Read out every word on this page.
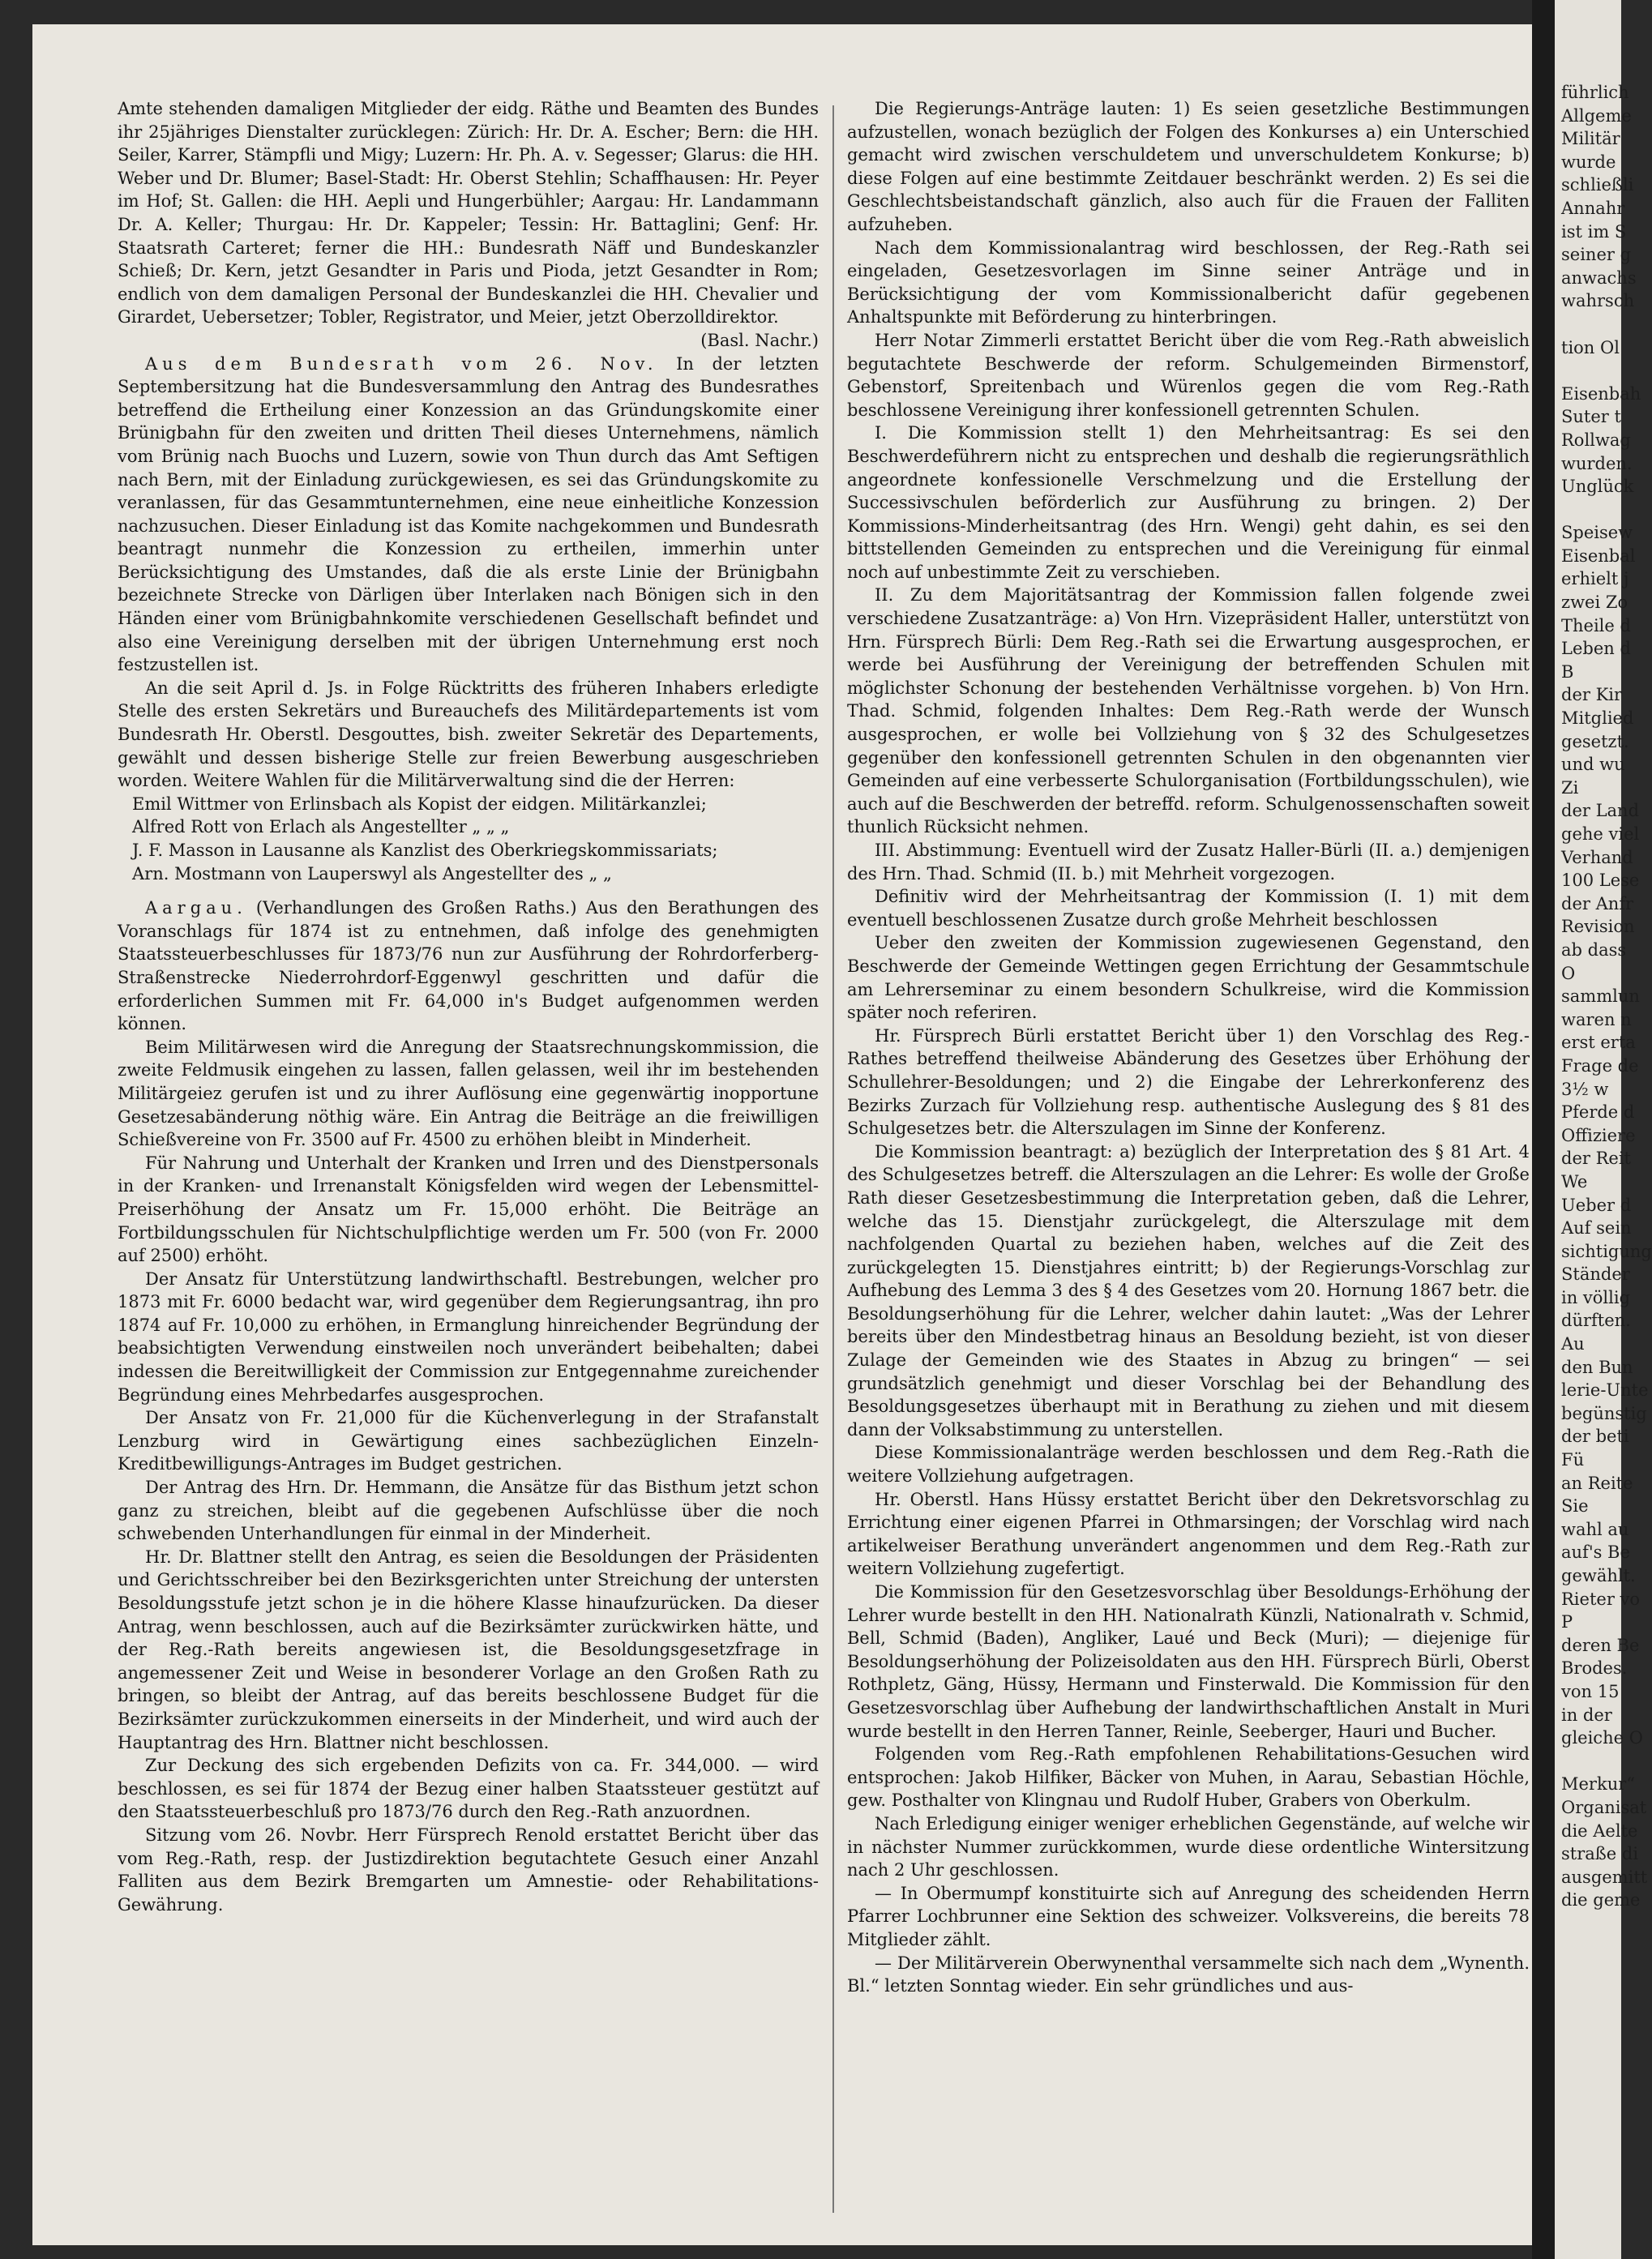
Amte stehenden damaligen Mitglieder der eidg. Räthe und Beamten des Bundes ihr 25jähriges Dienstalter zurücklegen: Zürich: Hr. Dr. A. Escher; Bern: die HH. Seiler, Karrer, Stämpfli und Migy; Luzern: Hr. Ph. A. v. Segesser; Glarus: die HH. Weber und Dr. Blumer; Basel-Stadt: Hr. Oberst Stehlin; Schaffhausen: Hr. Peyer im Hof; St. Gallen: die HH. Aepli und Hungerbühler; Aargau: Hr. Landammann Dr. A. Keller; Thurgau: Hr. Dr. Kappeler; Tessin: Hr. Battaglini; Genf: Hr. Staatsrath Carteret; ferner die HH.: Bundesrath Näff und Bundeskanzler Schieß; Dr. Kern, jetzt Gesandter in Paris und Pioda, jetzt Gesandter in Rom; endlich von dem damaligen Personal der Bundeskanzlei die HH. Chevalier und Girardet, Uebersetzer; Tobler, Registrator, und Meier, jetzt Oberzolldirektor.

(Basl. Nachr.)

Aus dem Bundesrath vom 26. Nov. In der letzten Septembersitzung hat die Bundesversammlung den Antrag des Bundesrathes betreffend die Ertheilung einer Konzession an das Gründungskomite einer Brünigbahn für den zweiten und dritten Theil dieses Unternehmens, nämlich vom Brünig nach Buochs und Luzern, sowie von Thun durch das Amt Seftigen nach Bern, mit der Einladung zurückgewiesen, es sei das Gründungskomite zu veranlassen, für das Gesammtunternehmen, eine neue einheitliche Konzession nachzusuchen. Dieser Einladung ist das Komite nachgekommen und Bundesrath beantragt nunmehr die Konzession zu ertheilen, immerhin unter Berücksichtigung des Umstandes, daß die als erste Linie der Brünigbahn bezeichnete Strecke von Därligen über Interlaken nach Bönigen sich in den Händen einer vom Brünigbahnkomite verschiedenen Gesellschaft befindet und also eine Vereinigung derselben mit der übrigen Unternehmung erst noch festzustellen ist.

An die seit April d. Js. in Folge Rücktritts des früheren Inhabers erledigte Stelle des ersten Sekretärs und Bureauchefs des Militärdepartements ist vom Bundesrath Hr. Oberstl. Desgouttes, bish. zweiter Sekretär des Departements, gewählt und dessen bisherige Stelle zur freien Bewerbung ausgeschrieben worden. Weitere Wahlen für die Militärverwaltung sind die der Herren:

Emil Wittmer von Erlinsbach als Kopist der eidgen. Militärkanzlei;

Alfred Rott von Erlach als Angestellter „ „ „

J. F. Masson in Lausanne als Kanzlist des Oberkriegskommissariats;

Arn. Mostmann von Lauperswyl als Angestellter des „ „

Aargau. (Verhandlungen des Großen Raths.) Aus den Berathungen des Voranschlags für 1874 ist zu entnehmen, daß infolge des genehmigten Staatssteuerbeschlusses für 1873/76 nun zur Ausführung der Rohrdorferberg-Straßenstrecke Niederrohrdorf-Eggenwyl geschritten und dafür die erforderlichen Summen mit Fr. 64,000 in's Budget aufgenommen werden können.

Beim Militärwesen wird die Anregung der Staatsrechnungskommission, die zweite Feldmusik eingehen zu lassen, fallen gelassen, weil ihr im bestehenden Militärgeiez gerufen ist und zu ihrer Auflösung eine gegenwärtig inopportune Gesetzesabänderung nöthig wäre. Ein Antrag die Beiträge an die freiwilligen Schießvereine von Fr. 3500 auf Fr. 4500 zu erhöhen bleibt in Minderheit.

Für Nahrung und Unterhalt der Kranken und Irren und des Dienstpersonals in der Kranken- und Irrenanstalt Königsfelden wird wegen der Lebensmittel-Preiserhöhung der Ansatz um Fr. 15,000 erhöht. Die Beiträge an Fortbildungsschulen für Nichtschulpflichtige werden um Fr. 500 (von Fr. 2000 auf 2500) erhöht.

Der Ansatz für Unterstützung landwirthschaftl. Bestrebungen, welcher pro 1873 mit Fr. 6000 bedacht war, wird gegenüber dem Regierungsantrag, ihn pro 1874 auf Fr. 10,000 zu erhöhen, in Ermanglung hinreichender Begründung der beabsichtigten Verwendung einstweilen noch unverändert beibehalten; dabei indessen die Bereitwilligkeit der Commission zur Entgegennahme zureichender Begründung eines Mehrbedarfes ausgesprochen.

Der Ansatz von Fr. 21,000 für die Küchenverlegung in der Strafanstalt Lenzburg wird in Gewärtigung eines sachbezüglichen Einzeln-Kreditbewilligungs-Antrages im Budget gestrichen.

Der Antrag des Hrn. Dr. Hemmann, die Ansätze für das Bisthum jetzt schon ganz zu streichen, bleibt auf die gegebenen Aufschlüsse über die noch schwebenden Unterhandlungen für einmal in der Minderheit.

Hr. Dr. Blattner stellt den Antrag, es seien die Besoldungen der Präsidenten und Gerichtsschreiber bei den Bezirksgerichten unter Streichung der untersten Besoldungsstufe jetzt schon je in die höhere Klasse hinaufzurücken. Da dieser Antrag, wenn beschlossen, auch auf die Bezirksämter zurückwirken hätte, und der Reg.-Rath bereits angewiesen ist, die Besoldungsgesetzfrage in angemessener Zeit und Weise in besonderer Vorlage an den Großen Rath zu bringen, so bleibt der Antrag, auf das bereits beschlossene Budget für die Bezirksämter zurückzukommen einerseits in der Minderheit, und wird auch der Hauptantrag des Hrn. Blattner nicht beschlossen.

Zur Deckung des sich ergebenden Defizits von ca. Fr. 344,000. — wird beschlossen, es sei für 1874 der Bezug einer halben Staatssteuer gestützt auf den Staatssteuerbeschluß pro 1873/76 durch den Reg.-Rath anzuordnen.

Sitzung vom 26. Novbr. Herr Fürsprech Renold erstattet Bericht über das vom Reg.-Rath, resp. der Justizdirektion begutachtete Gesuch einer Anzahl Falliten aus dem Bezirk Bremgarten um Amnestie- oder Rehabilitations-Gewährung.

Die Regierungs-Anträge lauten: 1) Es seien gesetzliche Bestimmungen aufzustellen, wonach bezüglich der Folgen des Konkurses a) ein Unterschied gemacht wird zwischen verschuldetem und unverschuldetem Konkurse; b) diese Folgen auf eine bestimmte Zeitdauer beschränkt werden. 2) Es sei die Geschlechtsbeistandschaft gänzlich, also auch für die Frauen der Falliten aufzuheben.

Nach dem Kommissionalantrag wird beschlossen, der Reg.-Rath sei eingeladen, Gesetzesvorlagen im Sinne seiner Anträge und in Berücksichtigung der vom Kommissionalbericht dafür gegebenen Anhaltspunkte mit Beförderung zu hinterbringen.

Herr Notar Zimmerli erstattet Bericht über die vom Reg.-Rath abweislich begutachtete Beschwerde der reform. Schulgemeinden Birmenstorf, Gebenstorf, Spreitenbach und Würenlos gegen die vom Reg.-Rath beschlossene Vereinigung ihrer konfessionell getrennten Schulen.

I. Die Kommission stellt 1) den Mehrheitsantrag: Es sei den Beschwerdeführern nicht zu entsprechen und deshalb die regierungsräthlich angeordnete konfessionelle Verschmelzung und die Erstellung der Successivschulen beförderlich zur Ausführung zu bringen. 2) Der Kommissions-Minderheitsantrag (des Hrn. Wengi) geht dahin, es sei den bittstellenden Gemeinden zu entsprechen und die Vereinigung für einmal noch auf unbestimmte Zeit zu verschieben.

II. Zu dem Majoritätsantrag der Kommission fallen folgende zwei verschiedene Zusatzanträge: a) Von Hrn. Vizepräsident Haller, unterstützt von Hrn. Fürsprech Bürli: Dem Reg.-Rath sei die Erwartung ausgesprochen, er werde bei Ausführung der Vereinigung der betreffenden Schulen mit möglichster Schonung der bestehenden Verhältnisse vorgehen. b) Von Hrn. Thad. Schmid, folgenden Inhaltes: Dem Reg.-Rath werde der Wunsch ausgesprochen, er wolle bei Vollziehung von § 32 des Schulgesetzes gegenüber den konfessionell getrennten Schulen in den obgenannten vier Gemeinden auf eine verbesserte Schulorganisation (Fortbildungsschulen), wie auch auf die Beschwerden der betreffd. reform. Schulgenossenschaften soweit thunlich Rücksicht nehmen.

III. Abstimmung: Eventuell wird der Zusatz Haller-Bürli (II. a.) demjenigen des Hrn. Thad. Schmid (II. b.) mit Mehrheit vorgezogen.

Definitiv wird der Mehrheitsantrag der Kommission (I. 1) mit dem eventuell beschlossenen Zusatze durch große Mehrheit beschlossen

Ueber den zweiten der Kommission zugewiesenen Gegenstand, den Beschwerde der Gemeinde Wettingen gegen Errichtung der Gesammtschule am Lehrerseminar zu einem besondern Schulkreise, wird die Kommission später noch referiren.

Hr. Fürsprech Bürli erstattet Bericht über 1) den Vorschlag des Reg.-Rathes betreffend theilweise Abänderung des Gesetzes über Erhöhung der Schullehrer-Besoldungen; und 2) die Eingabe der Lehrerkonferenz des Bezirks Zurzach für Vollziehung resp. authentische Auslegung des § 81 des Schulgesetzes betr. die Alterszulagen im Sinne der Konferenz.

Die Kommission beantragt: a) bezüglich der Interpretation des § 81 Art. 4 des Schulgesetzes betreff. die Alterszulagen an die Lehrer: Es wolle der Große Rath dieser Gesetzesbestimmung die Interpretation geben, daß die Lehrer, welche das 15. Dienstjahr zurückgelegt, die Alterszulage mit dem nachfolgenden Quartal zu beziehen haben, welches auf die Zeit des zurückgelegten 15. Dienstjahres eintritt; b) der Regierungs-Vorschlag zur Aufhebung des Lemma 3 des § 4 des Gesetzes vom 20. Hornung 1867 betr. die Besoldungserhöhung für die Lehrer, welcher dahin lautet: „Was der Lehrer bereits über den Mindestbetrag hinaus an Besoldung bezieht, ist von dieser Zulage der Gemeinden wie des Staates in Abzug zu bringen“ — sei grundsätzlich genehmigt und dieser Vorschlag bei der Behandlung des Besoldungsgesetzes überhaupt mit in Berathung zu ziehen und mit diesem dann der Volksabstimmung zu unterstellen.

Diese Kommissionalanträge werden beschlossen und dem Reg.-Rath die weitere Vollziehung aufgetragen.

Hr. Oberstl. Hans Hüssy erstattet Bericht über den Dekretsvorschlag zu Errichtung einer eigenen Pfarrei in Othmarsingen; der Vorschlag wird nach artikelweiser Berathung unverändert angenommen und dem Reg.-Rath zur weitern Vollziehung zugefertigt.

Die Kommission für den Gesetzesvorschlag über Besoldungs-Erhöhung der Lehrer wurde bestellt in den HH. Nationalrath Künzli, Nationalrath v. Schmid, Bell, Schmid (Baden), Angliker, Laué und Beck (Muri); — diejenige für Besoldungserhöhung der Polizeisoldaten aus den HH. Fürsprech Bürli, Oberst Rothpletz, Gäng, Hüssy, Hermann und Finsterwald. Die Kommission für den Gesetzesvorschlag über Aufhebung der landwirthschaftlichen Anstalt in Muri wurde bestellt in den Herren Tanner, Reinle, Seeberger, Hauri und Bucher.

Folgenden vom Reg.-Rath empfohlenen Rehabilitations-Gesuchen wird entsprochen: Jakob Hilfiker, Bäcker von Muhen, in Aarau, Sebastian Höchle, gew. Posthalter von Klingnau und Rudolf Huber, Grabers von Oberkulm.

Nach Erledigung einiger weniger erheblichen Gegenstände, auf welche wir in nächster Nummer zurückkommen, wurde diese ordentliche Wintersitzung nach 2 Uhr geschlossen.

— In Obermumpf konstituirte sich auf Anregung des scheidenden Herrn Pfarrer Lochbrunner eine Sektion des schweizer. Volksvereins, die bereits 78 Mitglieder zählt.

— Der Militärverein Oberwynenthal versammelte sich nach dem „Wynenth. Bl.“ letzten Sonntag wieder. Ein sehr gründliches und aus-

führlich
Allgeme
Militär
wurde
schließli
Annahr
ist im S
seiner g
anwachs
wahrsch
tion Ol
Eisenbah
Suter t
Rollwag
wurden.
Unglück
Speisew
Eisenbal
erhielt j
zwei Zo
Theile d
Leben d
B
der Kir
Mitglied
gesetzt.
und wu
Zi
der Land
gehe viel
Verhand
100 Lese
der Anfr
Revision
ab dass
O
sammlun
waren n
erst erta
Frage de
3½ w
Pferde d
Offiziere
der Reit
We
Ueber d
Auf sein
sichtigung
Ständer
in völlig
dürften.
Au
den Bun
lerie-Unte
begünstig
der beti
Fü
an Reite
Sie
wahl au
auf's Be
gewählt.
Rieter vo
P
deren Be
Brodes.
von 15
in der
gleiche O
Merkur“
Organisat
die Aelte
straße di
ausgemitt
die geme
